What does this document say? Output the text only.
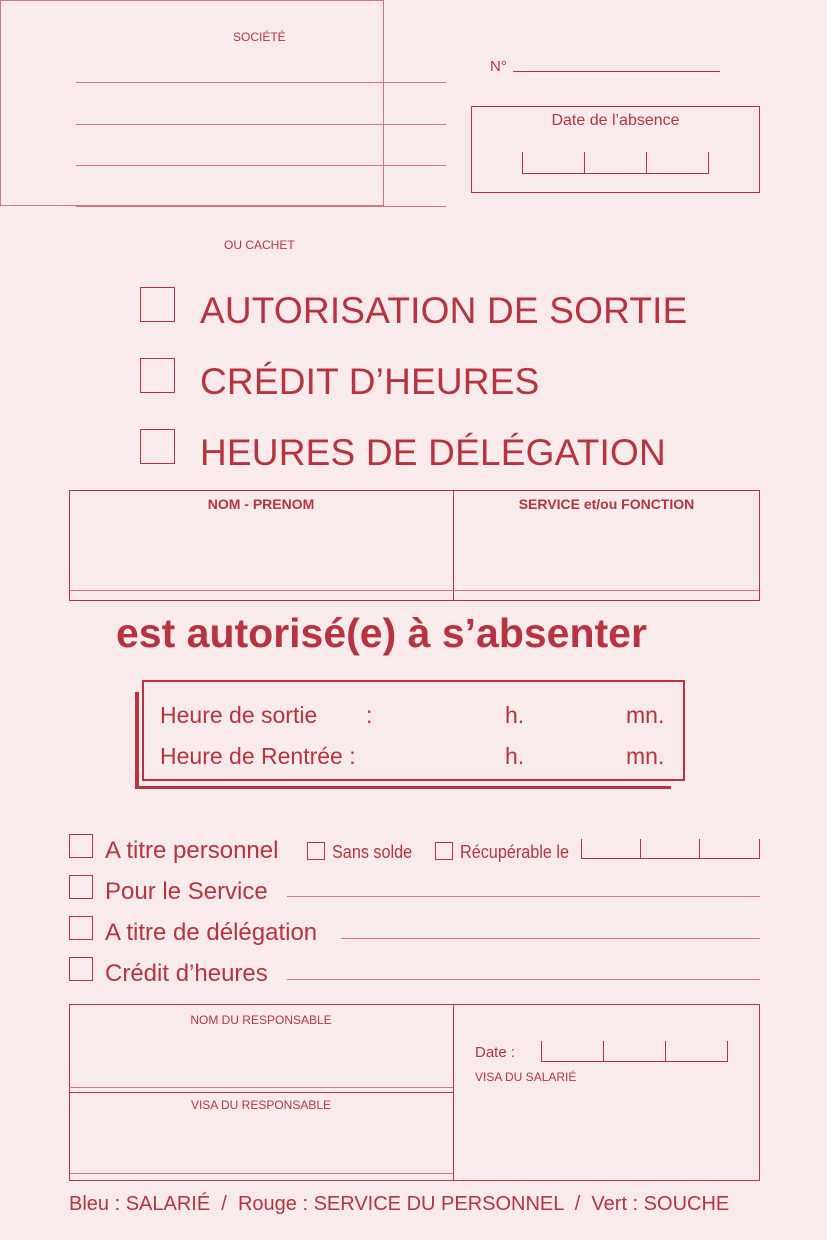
SOCIÉTÉ
OU CACHET
N°
Date de l’absence
AUTORISATION DE SORTIE
CRÉDIT D’HEURES
HEURES DE DÉLÉGATION
NOM - PRENOM	SERVICE et/ou FONCTION
est autorisé(e) à s’absenter
Heure de sortie :	h.	mn.
Heure de Rentrée :	h.	mn.
A titre personnel	Sans solde	Récupérable le
Pour le Service
A titre de délégation
Crédit d’heures
NOM DU RESPONSABLE
VISA DU RESPONSABLE
Date :
VISA DU SALARIÉ
Bleu : SALARIÉ  /  Rouge : SERVICE DU PERSONNEL  /  Vert : SOUCHE
